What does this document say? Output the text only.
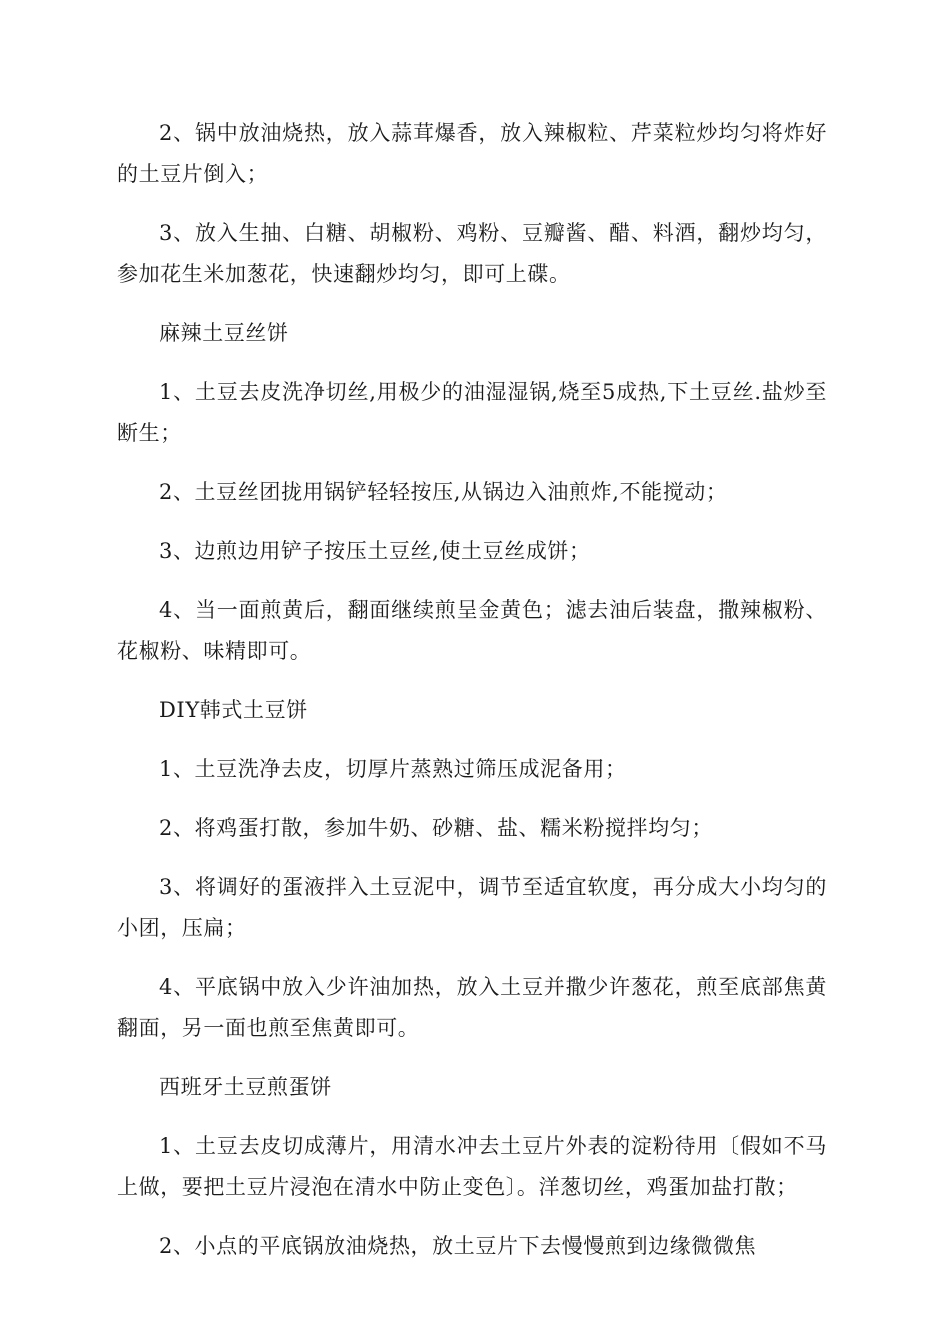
2、锅中放油烧热，放入蒜茸爆香，放入辣椒粒、芹菜粒炒均匀将炸好的土豆片倒入；

3、放入生抽、白糖、胡椒粉、鸡粉、豆瓣酱、醋、料酒，翻炒均匀，参加花生米加葱花，快速翻炒均匀，即可上碟。

麻辣土豆丝饼

1、土豆去皮洗净切丝,用极少的油湿湿锅,烧至5成热,下土豆丝.盐炒至断生；

2、土豆丝团拢用锅铲轻轻按压,从锅边入油煎炸,不能搅动；

3、边煎边用铲子按压土豆丝,使土豆丝成饼；

4、当一面煎黄后，翻面继续煎呈金黄色；滤去油后装盘，撒辣椒粉、花椒粉、味精即可。

DIY韩式土豆饼

1、土豆洗净去皮，切厚片蒸熟过筛压成泥备用；

2、将鸡蛋打散，参加牛奶、砂糖、盐、糯米粉搅拌均匀；

3、将调好的蛋液拌入土豆泥中，调节至适宜软度，再分成大小均匀的小团，压扁；

4、平底锅中放入少许油加热，放入土豆并撒少许葱花，煎至底部焦黄翻面，另一面也煎至焦黄即可。

西班牙土豆煎蛋饼

1、土豆去皮切成薄片，用清水冲去土豆片外表的淀粉待用〔假如不马上做，要把土豆片浸泡在清水中防止变色〕。洋葱切丝，鸡蛋加盐打散；

2、小点的平底锅放油烧热，放土豆片下去慢慢煎到边缘微微焦
